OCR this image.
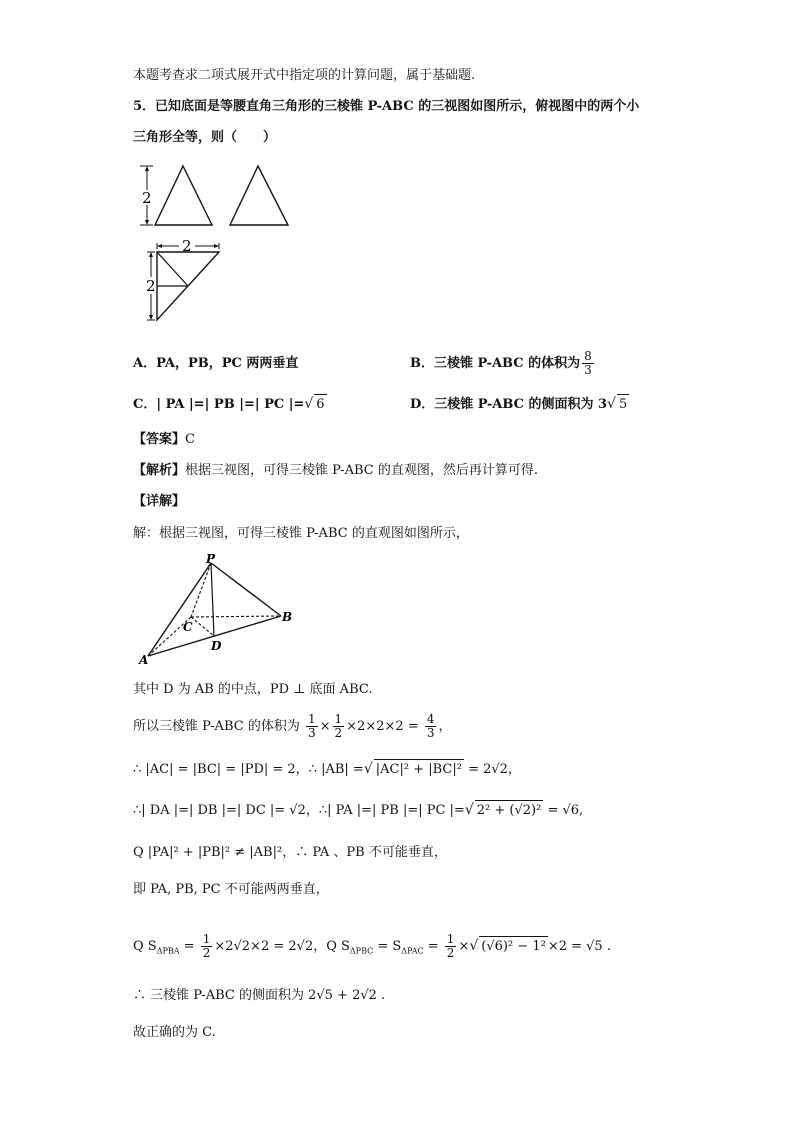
本题考查求二项式展开式中指定项的计算问题，属于基础题.
5．已知底面是等腰直角三角形的三棱锥 P-ABC 的三视图如图所示，俯视图中的两个小
三角形全等，则（　　）
2
2
2
A．PA，PB，PC 两两垂直	B．三棱锥 P-ABC 的体积为 $\frac{8}{3}$
C．| PA |=| PB |=| PC |=√ 6	D．三棱锥 P-ABC 的侧面积为 3√ 5
【答案】C
【解析】根据三视图，可得三棱锥 P-ABC 的直观图，然后再计算可得.
【详解】
解：根据三视图，可得三棱锥 P-ABC 的直观图如图所示，
P
A
B
C
D
其中 D 为 AB 的中点，PD ⊥ 底面 ABC.
所以三棱锥 P-ABC 的体积为 $\frac{1}{3} \times \frac{1}{2} \times 2\times 2\times 2 = \frac{4}{3}$ ，
∴ |AC| = |BC| = |PD| = 2，∴ |AB| =√ |AC|² + |BC|² = 2√2，
∴| DA |=| DB |=| DC |= √2，∴| PA |=| PB |=| PC |=√ 2² + (√2)² = √6,
Q |PA|² + |PB|² ≠ |AB|²，∴ PA 、PB 不可能垂直，
即 PA, PB, PC 不可能两两垂直，
Q $S_{\Delta PBA} = \frac{1}{2} \times 2√2\times 2 = 2√2$，Q $S_{\Delta PBC} = S_{\Delta PAC} = \frac{1}{2}$ ×√ (√6)² − 1² ×2 = √5 .
∴ 三棱锥 P-ABC 的侧面积为 2√5 + 2√2 .
故正确的为 C.
